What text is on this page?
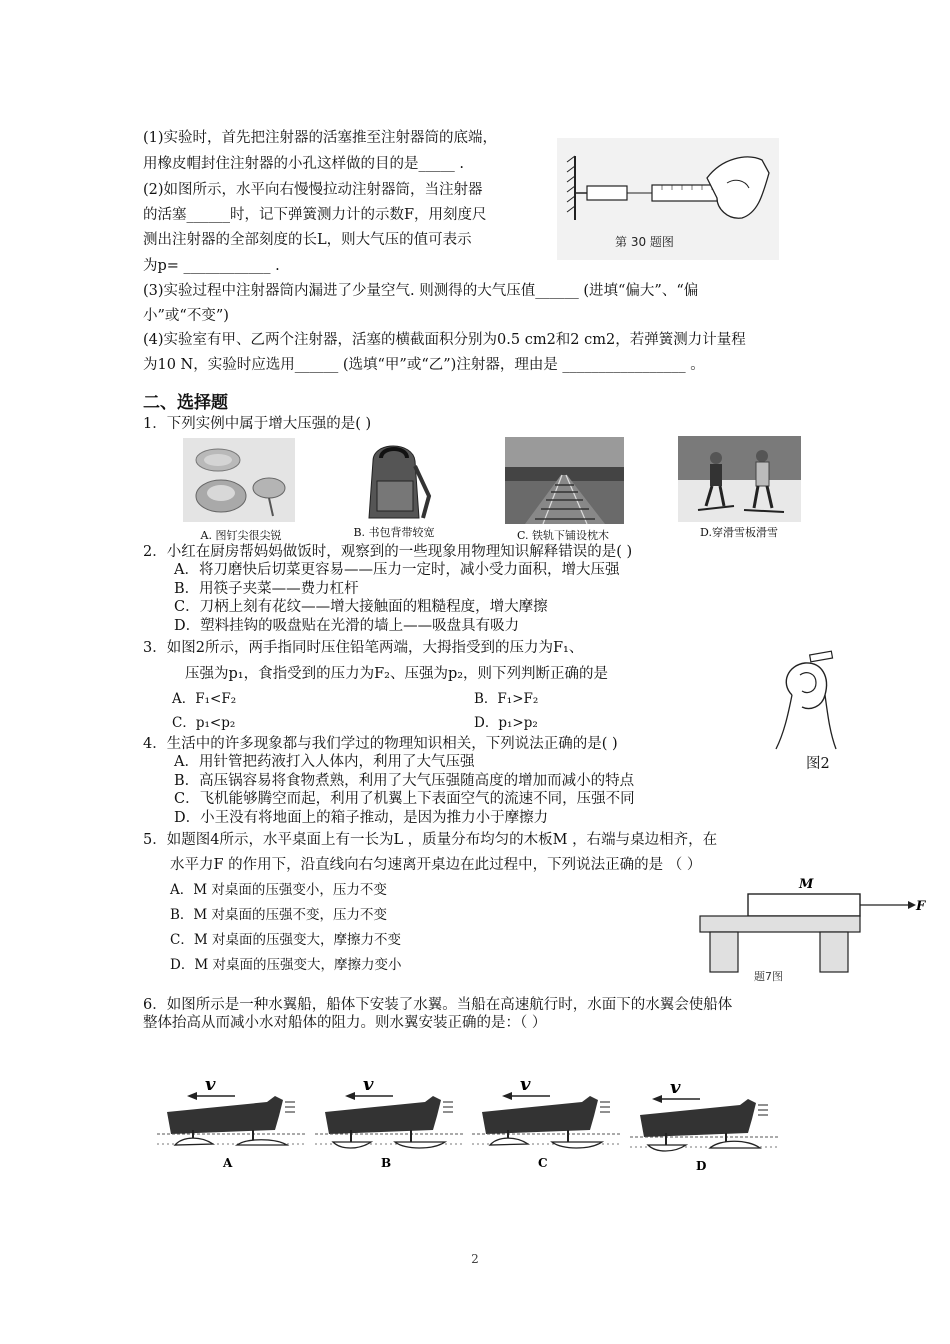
(1)实验时，首先把注射器的活塞推至注射器筒的底端，
用橡皮帽封住注射器的小孔这样做的目的是_____ .
(2)如图所示，水平向右慢慢拉动注射器筒，当注射器
的活塞______时，记下弹簧测力计的示数F，用刻度尺
测出注射器的全部刻度的长L，则大气压的值可表示
为p= ____________ .
(3)实验过程中注射器筒内漏进了少量空气. 则测得的大气压值______ (进填“偏大”、“偏
小”或“不变”)
(4)实验室有甲、乙两个注射器，活塞的横截面积分别为0.5 cm2和2 cm2，若弹簧测力计量程
为10 N，实验时应选用______ (选填“甲”或“乙”)注射器，理由是 _________________ 。
第 30 题图
二、选择题
1．下列实例中属于增大压强的是( )
A. 图钉尖很尖锐	B. 书包背带较宽	C. 铁轨下铺设枕木	D.穿滑雪板滑雪
2．小红在厨房帮妈妈做饭时，观察到的一些现象用物理知识解释错误的是( )
A．将刀磨快后切菜更容易——压力一定时，减小受力面积，增大压强
B．用筷子夹菜——费力杠杆
C．刀柄上刻有花纹——增大接触面的粗糙程度，增大摩擦
D．塑料挂钩的吸盘贴在光滑的墙上——吸盘具有吸力
3．如图2所示，两手指同时压住铅笔两端，大拇指受到的压力为F₁、
压强为p₁，食指受到的压力为F₂、压强为p₂，则下列判断正确的是
A．F₁<F₂	B．F₁>F₂
C．p₁<p₂	D．p₁>p₂
图2
4．生活中的许多现象都与我们学过的物理知识相关，下列说法正确的是( )
A．用针管把药液打入人体内，利用了大气压强
B．高压锅容易将食物煮熟，利用了大气压强随高度的增加而减小的特点
C．飞机能够腾空而起，利用了机翼上下表面空气的流速不同，压强不同
D．小王没有将地面上的箱子推动，是因为推力小于摩擦力
5．如题图4所示，水平桌面上有一长为L ，质量分布均匀的木板M ，右端与桌边相齐，在
水平力F 的作用下，沿直线向右匀速离开桌边在此过程中，下列说法正确的是 （ ）
A．M 对桌面的压强变小，压力不变
B．M 对桌面的压强不变，压力不变
C．M 对桌面的压强变大，摩擦力不变
D．M 对桌面的压强变大，摩擦力变小
M
F
题7图
6．如图所示是一种水翼船，船体下安装了水翼。当船在高速航行时，水面下的水翼会使船体
整体抬高从而减小水对船体的阻力。则水翼安装正确的是：（ ）
v
A
v
B
v
C
v
D
2
